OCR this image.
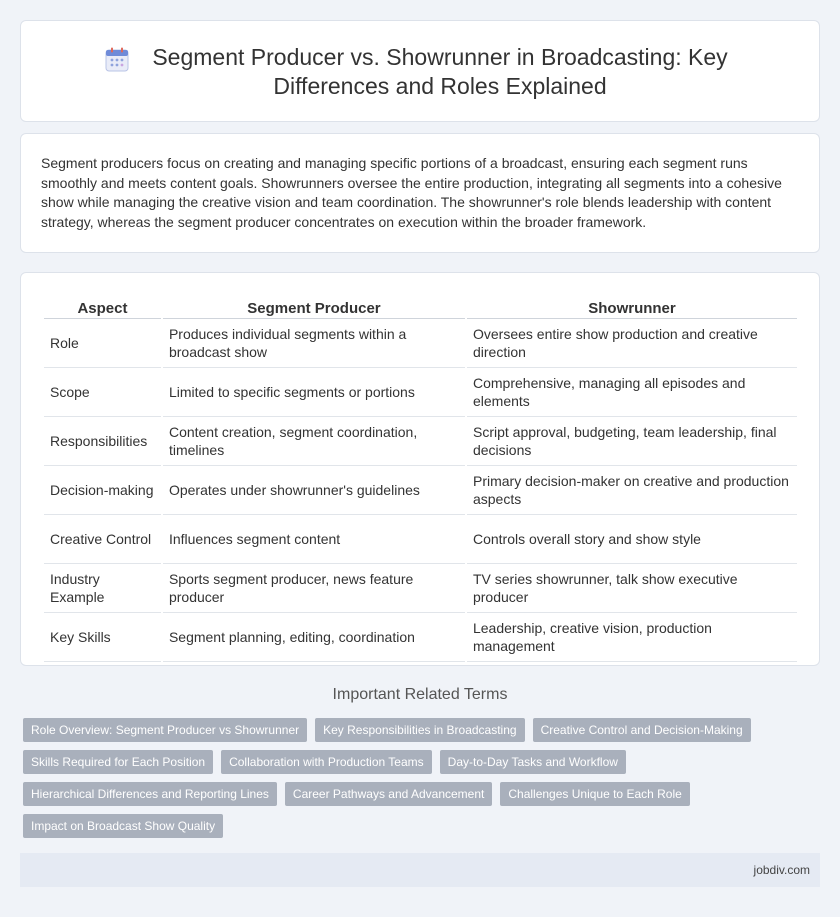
Segment Producer vs. Showrunner in Broadcasting: Key Differences and Roles Explained

Segment producers focus on creating and managing specific portions of a broadcast, ensuring each segment runs smoothly and meets content goals. Showrunners oversee the entire production, integrating all segments into a cohesive show while managing the creative vision and team coordination. The showrunner's role blends leadership with content strategy, whereas the segment producer concentrates on execution within the broader framework.

Aspect	Segment Producer	Showrunner
Role	Produces individual segments within a broadcast show	Oversees entire show production and creative direction
Scope	Limited to specific segments or portions	Comprehensive, managing all episodes and elements
Responsibilities	Content creation, segment coordination, timelines	Script approval, budgeting, team leadership, final decisions
Decision-making	Operates under showrunner's guidelines	Primary decision-maker on creative and production aspects
Creative Control	Influences segment content	Controls overall story and show style
Industry Example	Sports segment producer, news feature producer	TV series showrunner, talk show executive producer
Key Skills	Segment planning, editing, coordination	Leadership, creative vision, production management
Important Related Terms
Role Overview: Segment Producer vs Showrunner	Key Responsibilities in Broadcasting	Creative Control and Decision-Making
Skills Required for Each Position	Collaboration with Production Teams	Day-to-Day Tasks and Workflow
Hierarchical Differences and Reporting Lines	Career Pathways and Advancement	Challenges Unique to Each Role
Impact on Broadcast Show Quality
jobdiv.com
